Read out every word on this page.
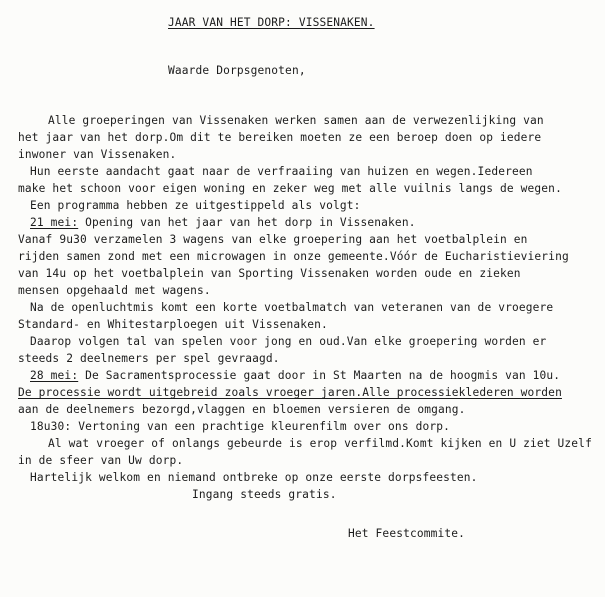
JAAR VAN HET DORP: VISSENAKEN.
Waarde Dorpsgenoten,
Alle groeperingen van Vissenaken werken samen aan de verwezenlijking van
het jaar van het dorp.Om dit te bereiken moeten ze een beroep doen op iedere
inwoner van Vissenaken.
Hun eerste aandacht gaat naar de verfraaiing van huizen en wegen.Iedereen
make het schoon voor eigen woning en zeker weg met alle vuilnis langs de wegen.
Een programma hebben ze uitgestippeld als volgt:
21 mei: Opening van het jaar van het dorp in Vissenaken.
Vanaf 9u30 verzamelen 3 wagens van elke groepering aan het voetbalplein en
rijden samen zond met een microwagen in onze gemeente.Vóór de Eucharistieviering
van 14u op het voetbalplein van Sporting Vissenaken worden oude en zieken
mensen opgehaald met wagens.
Na de openluchtmis komt een korte voetbalmatch van veteranen van de vroegere
Standard- en Whitestarploegen uit Vissenaken.
Daarop volgen tal van spelen voor jong en oud.Van elke groepering worden er
steeds 2 deelnemers per spel gevraagd.
28 mei: De Sacramentsprocessie gaat door in St Maarten na de hoogmis van 10u.
De processie wordt uitgebreid zoals vroeger jaren.Alle processieklederen worden
aan de deelnemers bezorgd,vlaggen en bloemen versieren de omgang.
18u30: Vertoning van een prachtige kleurenfilm over ons dorp.
Al wat vroeger of onlangs gebeurde is erop verfilmd.Komt kijken en U ziet Uzelf
in de sfeer van Uw dorp.
Hartelijk welkom en niemand ontbreke op onze eerste dorpsfeesten.
Ingang steeds gratis.
Het Feestcommite.
